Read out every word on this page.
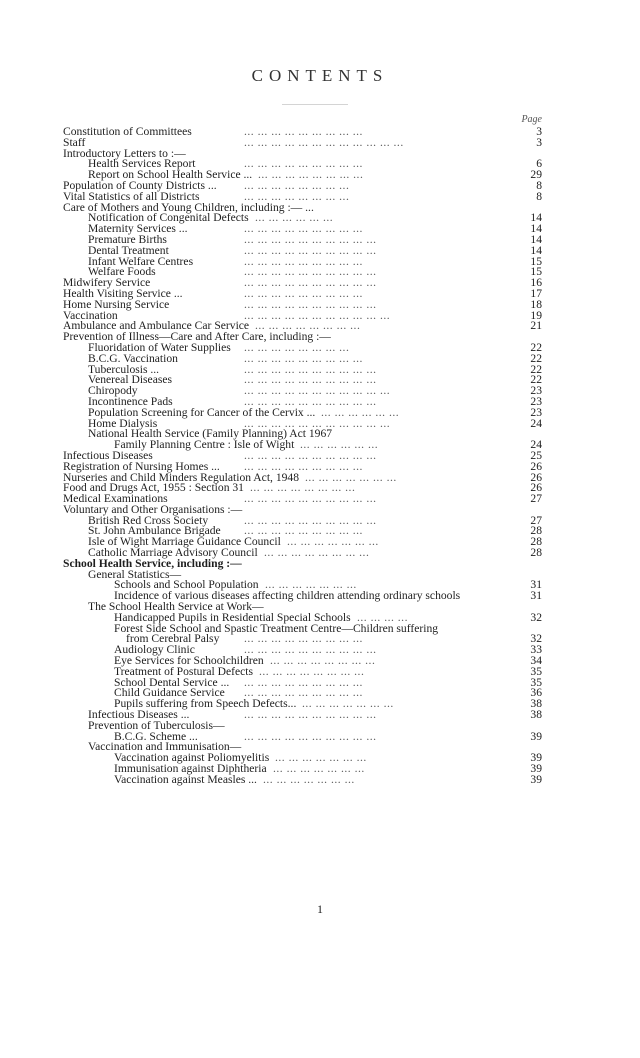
CONTENTS
Page
Constitution of Committees	... ... ... ... ... ... ... ... ...	3
Staff	... ... ... ... ... ... ... ... ... ... ... ...	3
Introductory Letters to :—
Health Services Report	... ... ... ... ... ... ... ... ...	6
Report on School Health Service ... ... ... ... ... ... ... ... ...	29
Population of County Districts ... ... ... ... ... ... ... ... ...	8
Vital Statistics of all Districts	... ... ... ... ... ... ... ...	8
Care of Mothers and Young Children, including :— ...
Notification of Congenital Defects ... ... ... ... ... ...	14
Maternity Services ...	... ... ... ... ... ... ... ... ...	14
Premature Births	... ... ... ... ... ... ... ... ... ...	14
Dental Treatment	... ... ... ... ... ... ... ... ... ...	14
Infant Welfare Centres	... ... ... ... ... ... ... ... ...	15
Welfare Foods	... ... ... ... ... ... ... ... ... ...	15
Midwifery Service	... ... ... ... ... ... ... ... ... ...	16
Health Visiting Service ...	... ... ... ... ... ... ... ... ...	17
Home Nursing Service	... ... ... ... ... ... ... ... ... ...	18
Vaccination	... ... ... ... ... ... ... ... ... ... ...	19
Ambulance and Ambulance Car Service ... ... ... ... ... ... ... ...	21
Prevention of Illness—Care and After Care, including :—
Fluoridation of Water Supplies ... ... ... ... ... ... ... ...	22
B.C.G. Vaccination	... ... ... ... ... ... ... ... ...	22
Tuberculosis ...	... ... ... ... ... ... ... ... ... ...	22
Venereal Diseases	... ... ... ... ... ... ... ... ... ...	22
Chiropody	... ... ... ... ... ... ... ... ... ... ...	23
Incontinence Pads	... ... ... ... ... ... ... ... ... ...	23
Population Screening for Cancer of the Cervix ... ... ... ... ... ... ...	23
Home Dialysis	... ... ... ... ... ... ... ... ... ... ...	24
National Health Service (Family Planning) Act 1967
Family Planning Centre : Isle of Wight ... ... ... ... ... ...	24
Infectious Diseases	... ... ... ... ... ... ... ... ... ...	25
Registration of Nursing Homes ... ... ... ... ... ... ... ... ... ...	26
Nurseries and Child Minders Regulation Act, 1948 ... ... ... ... ... ... ...	26
Food and Drugs Act, 1955 : Section 31 ... ... ... ... ... ... ... ...	26
Medical Examinations	... ... ... ... ... ... ... ... ... ...	27
Voluntary and Other Organisations :—
British Red Cross Society	... ... ... ... ... ... ... ... ... ...	27
St. John Ambulance Brigade ... ... ... ... ... ... ... ... ...	28
Isle of Wight Marriage Guidance Council ... ... ... ... ... ... ...	28
Catholic Marriage Advisory Council ... ... ... ... ... ... ... ...	28
School Health Service, including :—
General Statistics—
Schools and School Population ... ... ... ... ... ... ...	31
Incidence of various diseases affecting children attending ordinary schools	31
The School Health Service at Work—
Handicapped Pupils in Residential Special Schools ... ... ... ...	32
Forest Side School and Spastic Treatment Centre—Children suffering
from Cerebral Palsy ... ... ... ... ... ... ... ... ...	32
Audiology Clinic	... ... ... ... ... ... ... ... ... ...	33
Eye Services for Schoolchildren ... ... ... ... ... ... ... ...	34
Treatment of Postural Defects ... ... ... ... ... ... ... ...	35
School Dental Service ... ... ... ... ... ... ... ... ... ...	35
Child Guidance Service ... ... ... ... ... ... ... ... ...	36
Pupils suffering from Speech Defects... ... ... ... ... ... ... ...	38
Infectious Diseases ...	... ... ... ... ... ... ... ... ... ...	38
Prevention of Tuberculosis—
B.C.G. Scheme ...	... ... ... ... ... ... ... ... ... ...	39
Vaccination and Immunisation—
Vaccination against Poliomyelitis ... ... ... ... ... ... ...	39
Immunisation against Diphtheria ... ... ... ... ... ... ...	39
Vaccination against Measles ... ... ... ... ... ... ... ...	39
1
